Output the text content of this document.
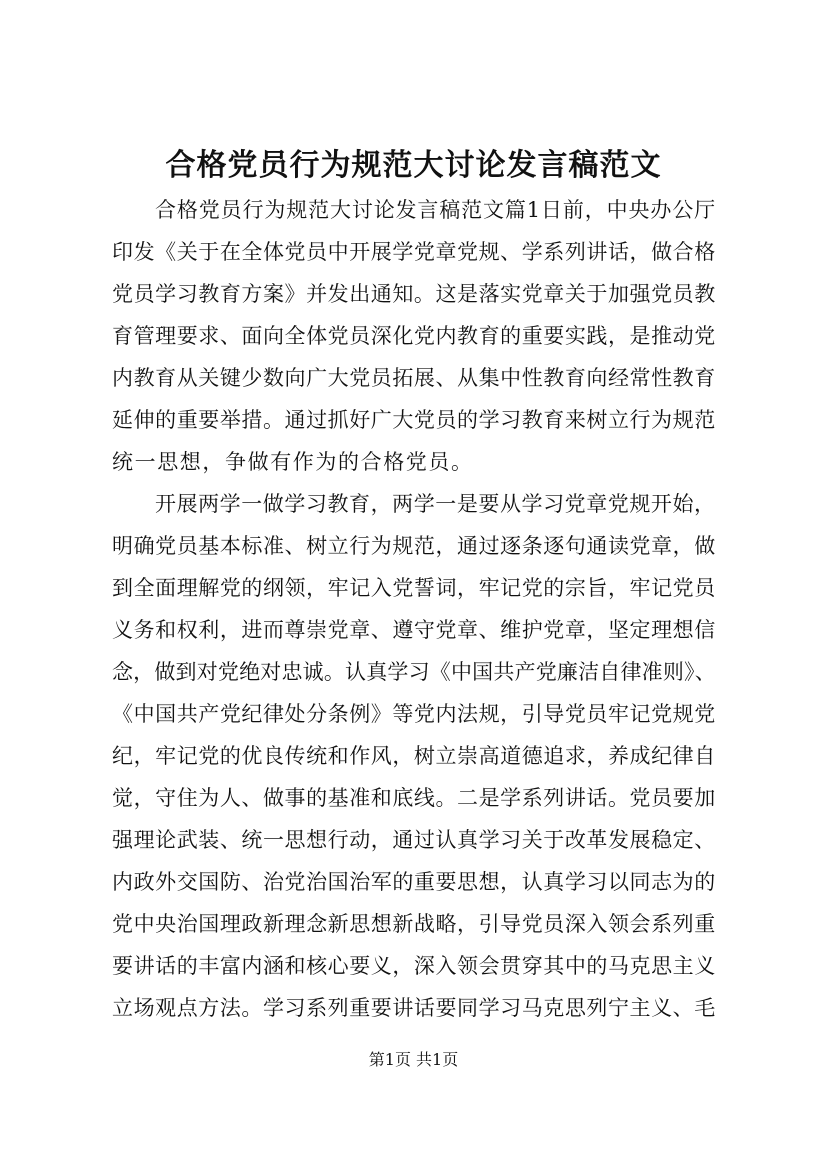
合格党员行为规范大讨论发言稿范文
合格党员行为规范大讨论发言稿范文篇1日前，中央办公厅
印发《关于在全体党员中开展学党章党规、学系列讲话，做合格
党员学习教育方案》并发出通知。这是落实党章关于加强党员教
育管理要求、面向全体党员深化党内教育的重要实践，是推动党
内教育从关键少数向广大党员拓展、从集中性教育向经常性教育
延伸的重要举措。通过抓好广大党员的学习教育来树立行为规范
统一思想，争做有作为的合格党员。
开展两学一做学习教育，两学一是要从学习党章党规开始，
明确党员基本标准、树立行为规范，通过逐条逐句通读党章，做
到全面理解党的纲领，牢记入党誓词，牢记党的宗旨，牢记党员
义务和权利，进而尊崇党章、遵守党章、维护党章，坚定理想信
念，做到对党绝对忠诚。认真学习《中国共产党廉洁自律准则》、
《中国共产党纪律处分条例》等党内法规，引导党员牢记党规党
纪，牢记党的优良传统和作风，树立崇高道德追求，养成纪律自
觉，守住为人、做事的基准和底线。二是学系列讲话。党员要加
强理论武装、统一思想行动，通过认真学习关于改革发展稳定、
内政外交国防、治党治国治军的重要思想，认真学习以同志为的
党中央治国理政新理念新思想新战略，引导党员深入领会系列重
要讲话的丰富内涵和核心要义，深入领会贯穿其中的马克思主义
立场观点方法。学习系列重要讲话要同学习马克思列宁主义、毛
第1页 共1页
